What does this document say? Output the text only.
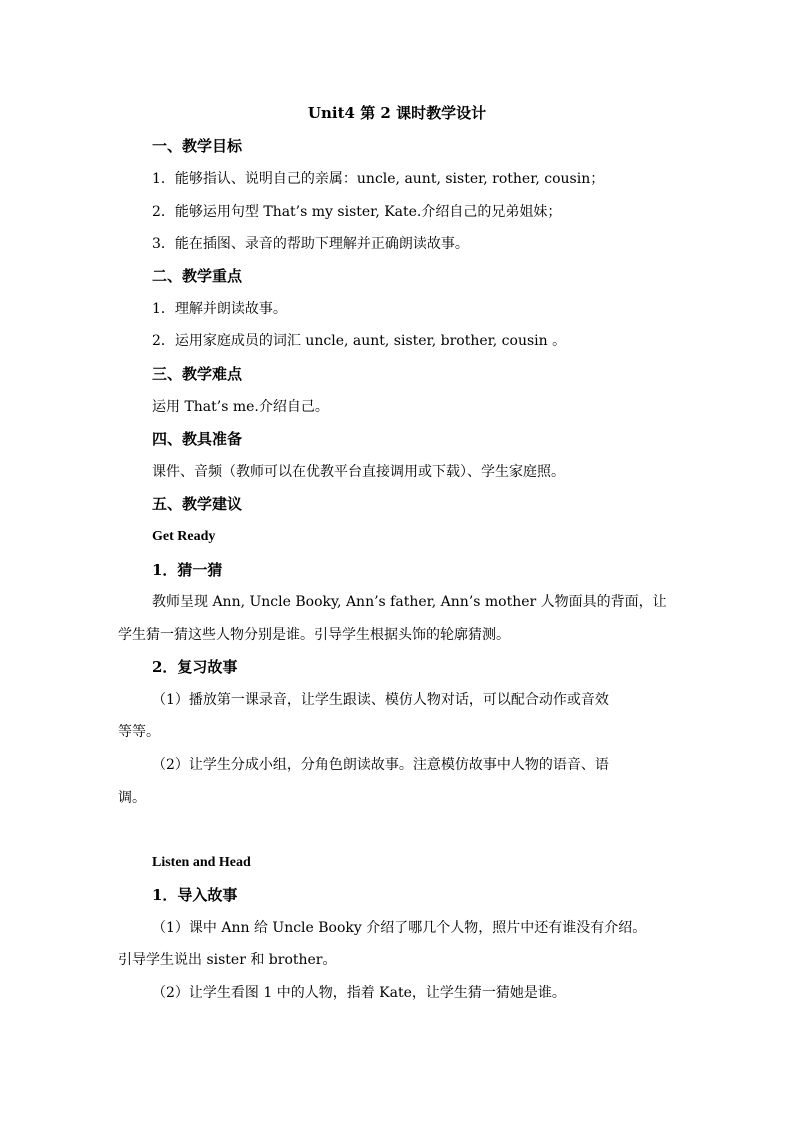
Unit4 第 2 课时教学设计
一、教学目标
1．能够指认、说明自己的亲属：uncle, aunt, sister, rother, cousin；
2．能够运用句型 That’s my sister, Kate.介绍自己的兄弟姐妹；
3．能在插图、录音的帮助下理解并正确朗读故事。
二、教学重点
1．理解并朗读故事。
2．运用家庭成员的词汇 uncle, aunt, sister, brother, cousin 。
三、教学难点
运用 That’s me.介绍自己。
四、教具准备
课件、音频（教师可以在优教平台直接调用或下载）、学生家庭照。
五、教学建议
Get Ready
1．猜一猜
教师呈现 Ann, Uncle Booky, Ann’s father, Ann’s mother 人物面具的背面，让
学生猜一猜这些人物分别是谁。引导学生根据头饰的轮廓猜测。
2．复习故事
（1）播放第一课录音，让学生跟读、模仿人物对话，可以配合动作或音效
等等。
（2）让学生分成小组，分角色朗读故事。注意模仿故事中人物的语音、语
调。
Listen and Head
1．导入故事
（1）课中 Ann 给 Uncle Booky 介绍了哪几个人物，照片中还有谁没有介绍。
引导学生说出 sister 和 brother。
（2）让学生看图 1 中的人物，指着 Kate，让学生猜一猜她是谁。
